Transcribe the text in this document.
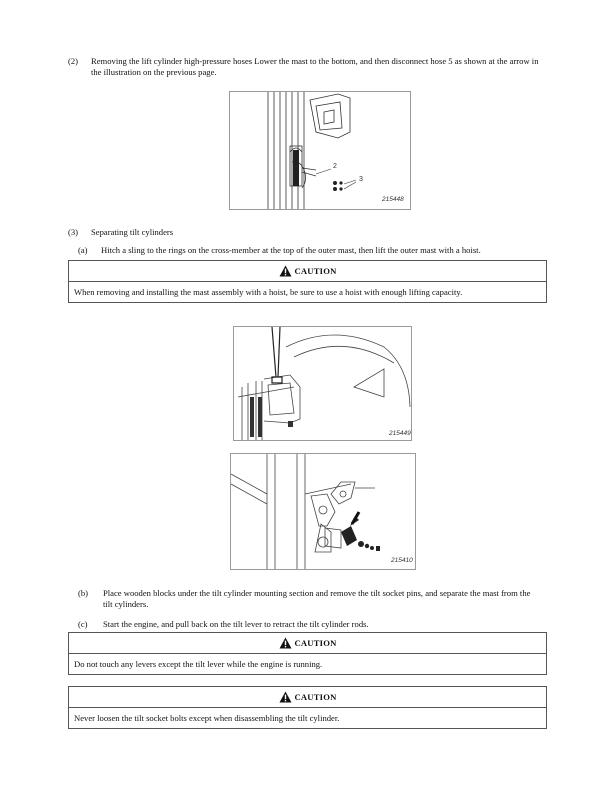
(2)	Removing the lift cylinder high-pressure hoses Lower the mast to the bottom, and then disconnect hose 5 as shown at the arrow in the illustration on the previous page.
2
3
215448
(3)	Separating tilt cylinders
(a)	Hitch a sling to the rings on the cross-member at the top of the outer mast, then lift the outer mast with a hoist.
CAUTION
When removing and installing the mast assembly with a hoist, be sure to use a hoist with enough lifting capacity.
215449
215410
(b)	Place wooden blocks under the tilt cylinder mounting section and remove the tilt socket pins, and separate the mast from the tilt cylinders.
(c)	Start the engine, and pull back on the tilt lever to retract the tilt cylinder rods.
CAUTION
Do not touch any levers except the tilt lever while the engine is running.
CAUTION
Never loosen the tilt socket bolts except when disassembling the tilt cylinder.
